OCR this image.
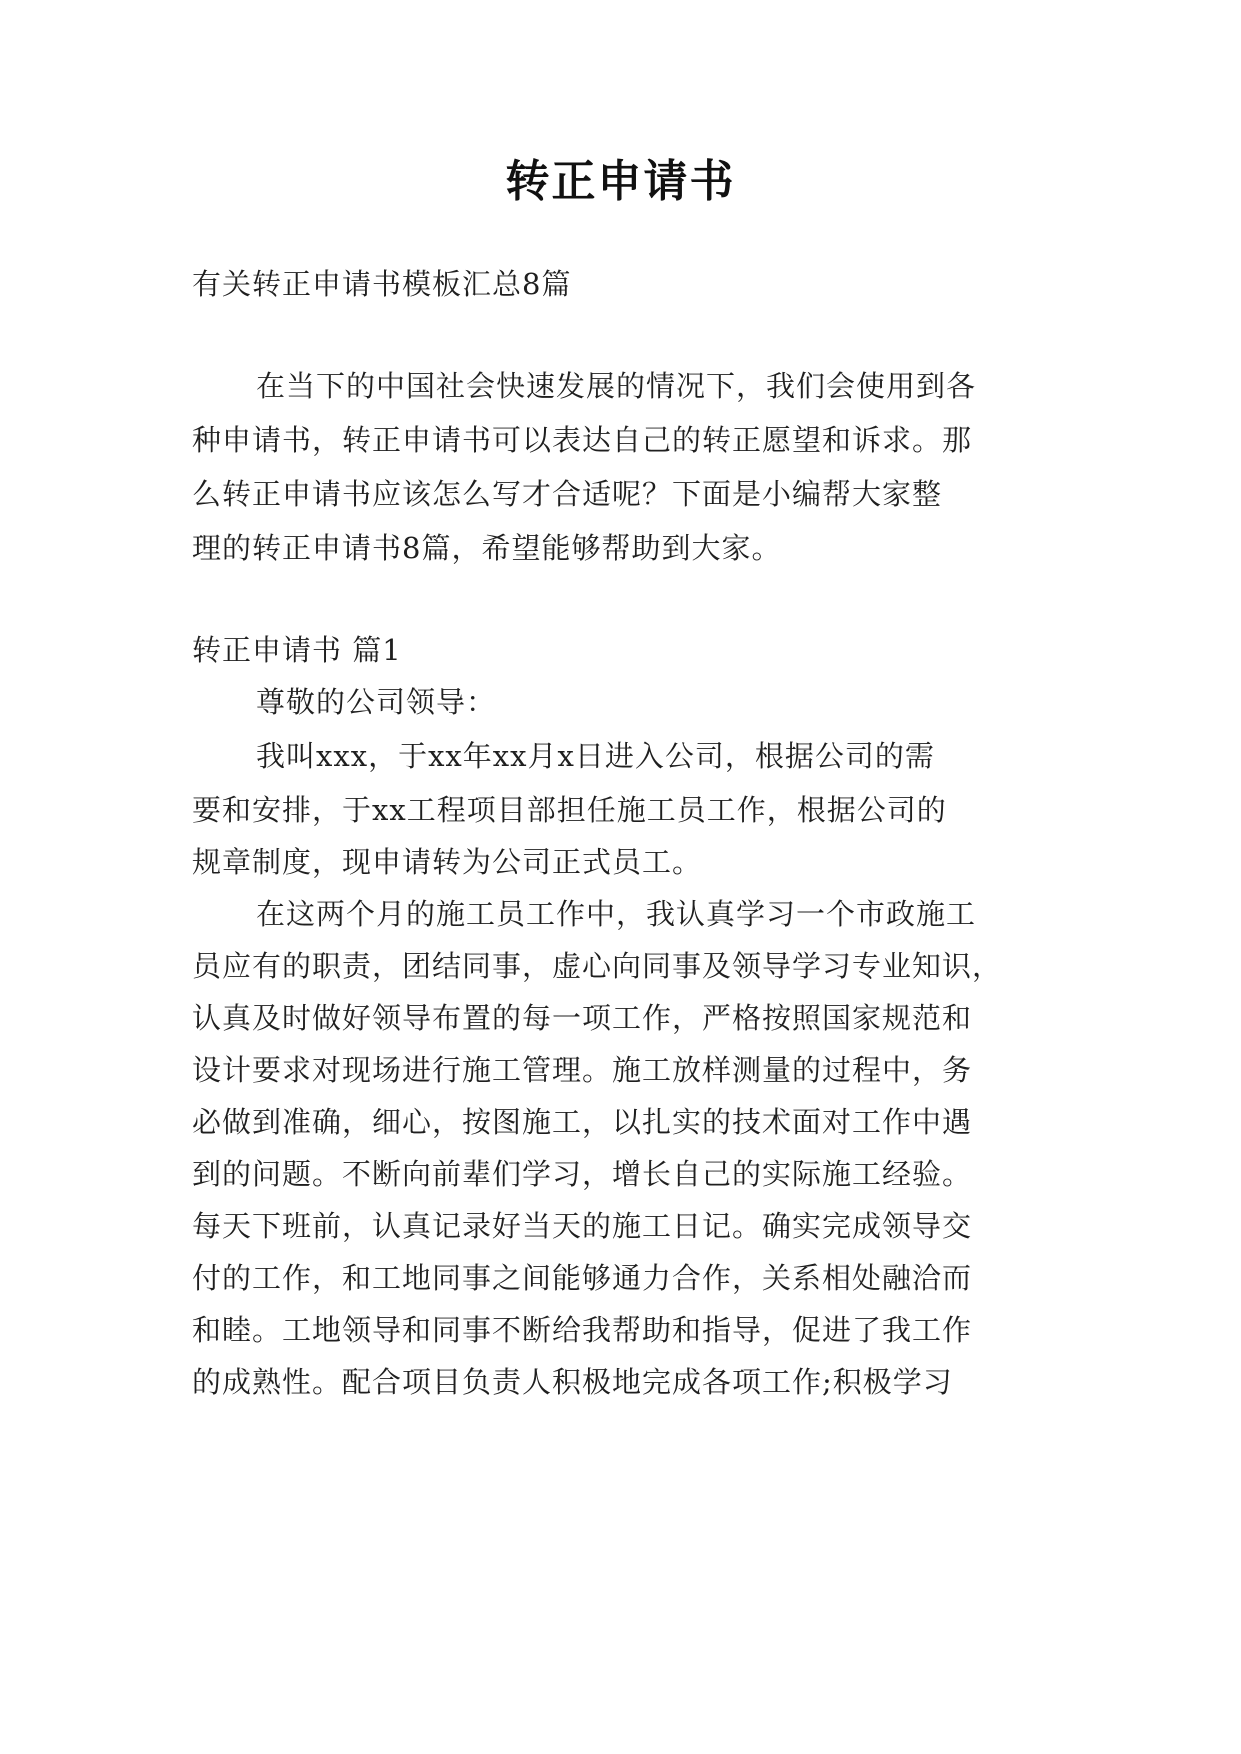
转正申请书
有关转正申请书模板汇总8篇
在当下的中国社会快速发展的情况下，我们会使用到各
种申请书，转正申请书可以表达自己的转正愿望和诉求。那
么转正申请书应该怎么写才合适呢？下面是小编帮大家整
理的转正申请书8篇，希望能够帮助到大家。
转正申请书 篇1
尊敬的公司领导：
我叫xxx，于xx年xx月x日进入公司，根据公司的需
要和安排，于xx工程项目部担任施工员工作，根据公司的
规章制度，现申请转为公司正式员工。
在这两个月的施工员工作中，我认真学习一个市政施工
员应有的职责，团结同事，虚心向同事及领导学习专业知识，
认真及时做好领导布置的每一项工作，严格按照国家规范和
设计要求对现场进行施工管理。施工放样测量的过程中，务
必做到准确，细心，按图施工，以扎实的技术面对工作中遇
到的问题。不断向前辈们学习，增长自己的实际施工经验。
每天下班前，认真记录好当天的施工日记。确实完成领导交
付的工作，和工地同事之间能够通力合作，关系相处融洽而
和睦。工地领导和同事不断给我帮助和指导，促进了我工作
的成熟性。配合项目负责人积极地完成各项工作;积极学习
